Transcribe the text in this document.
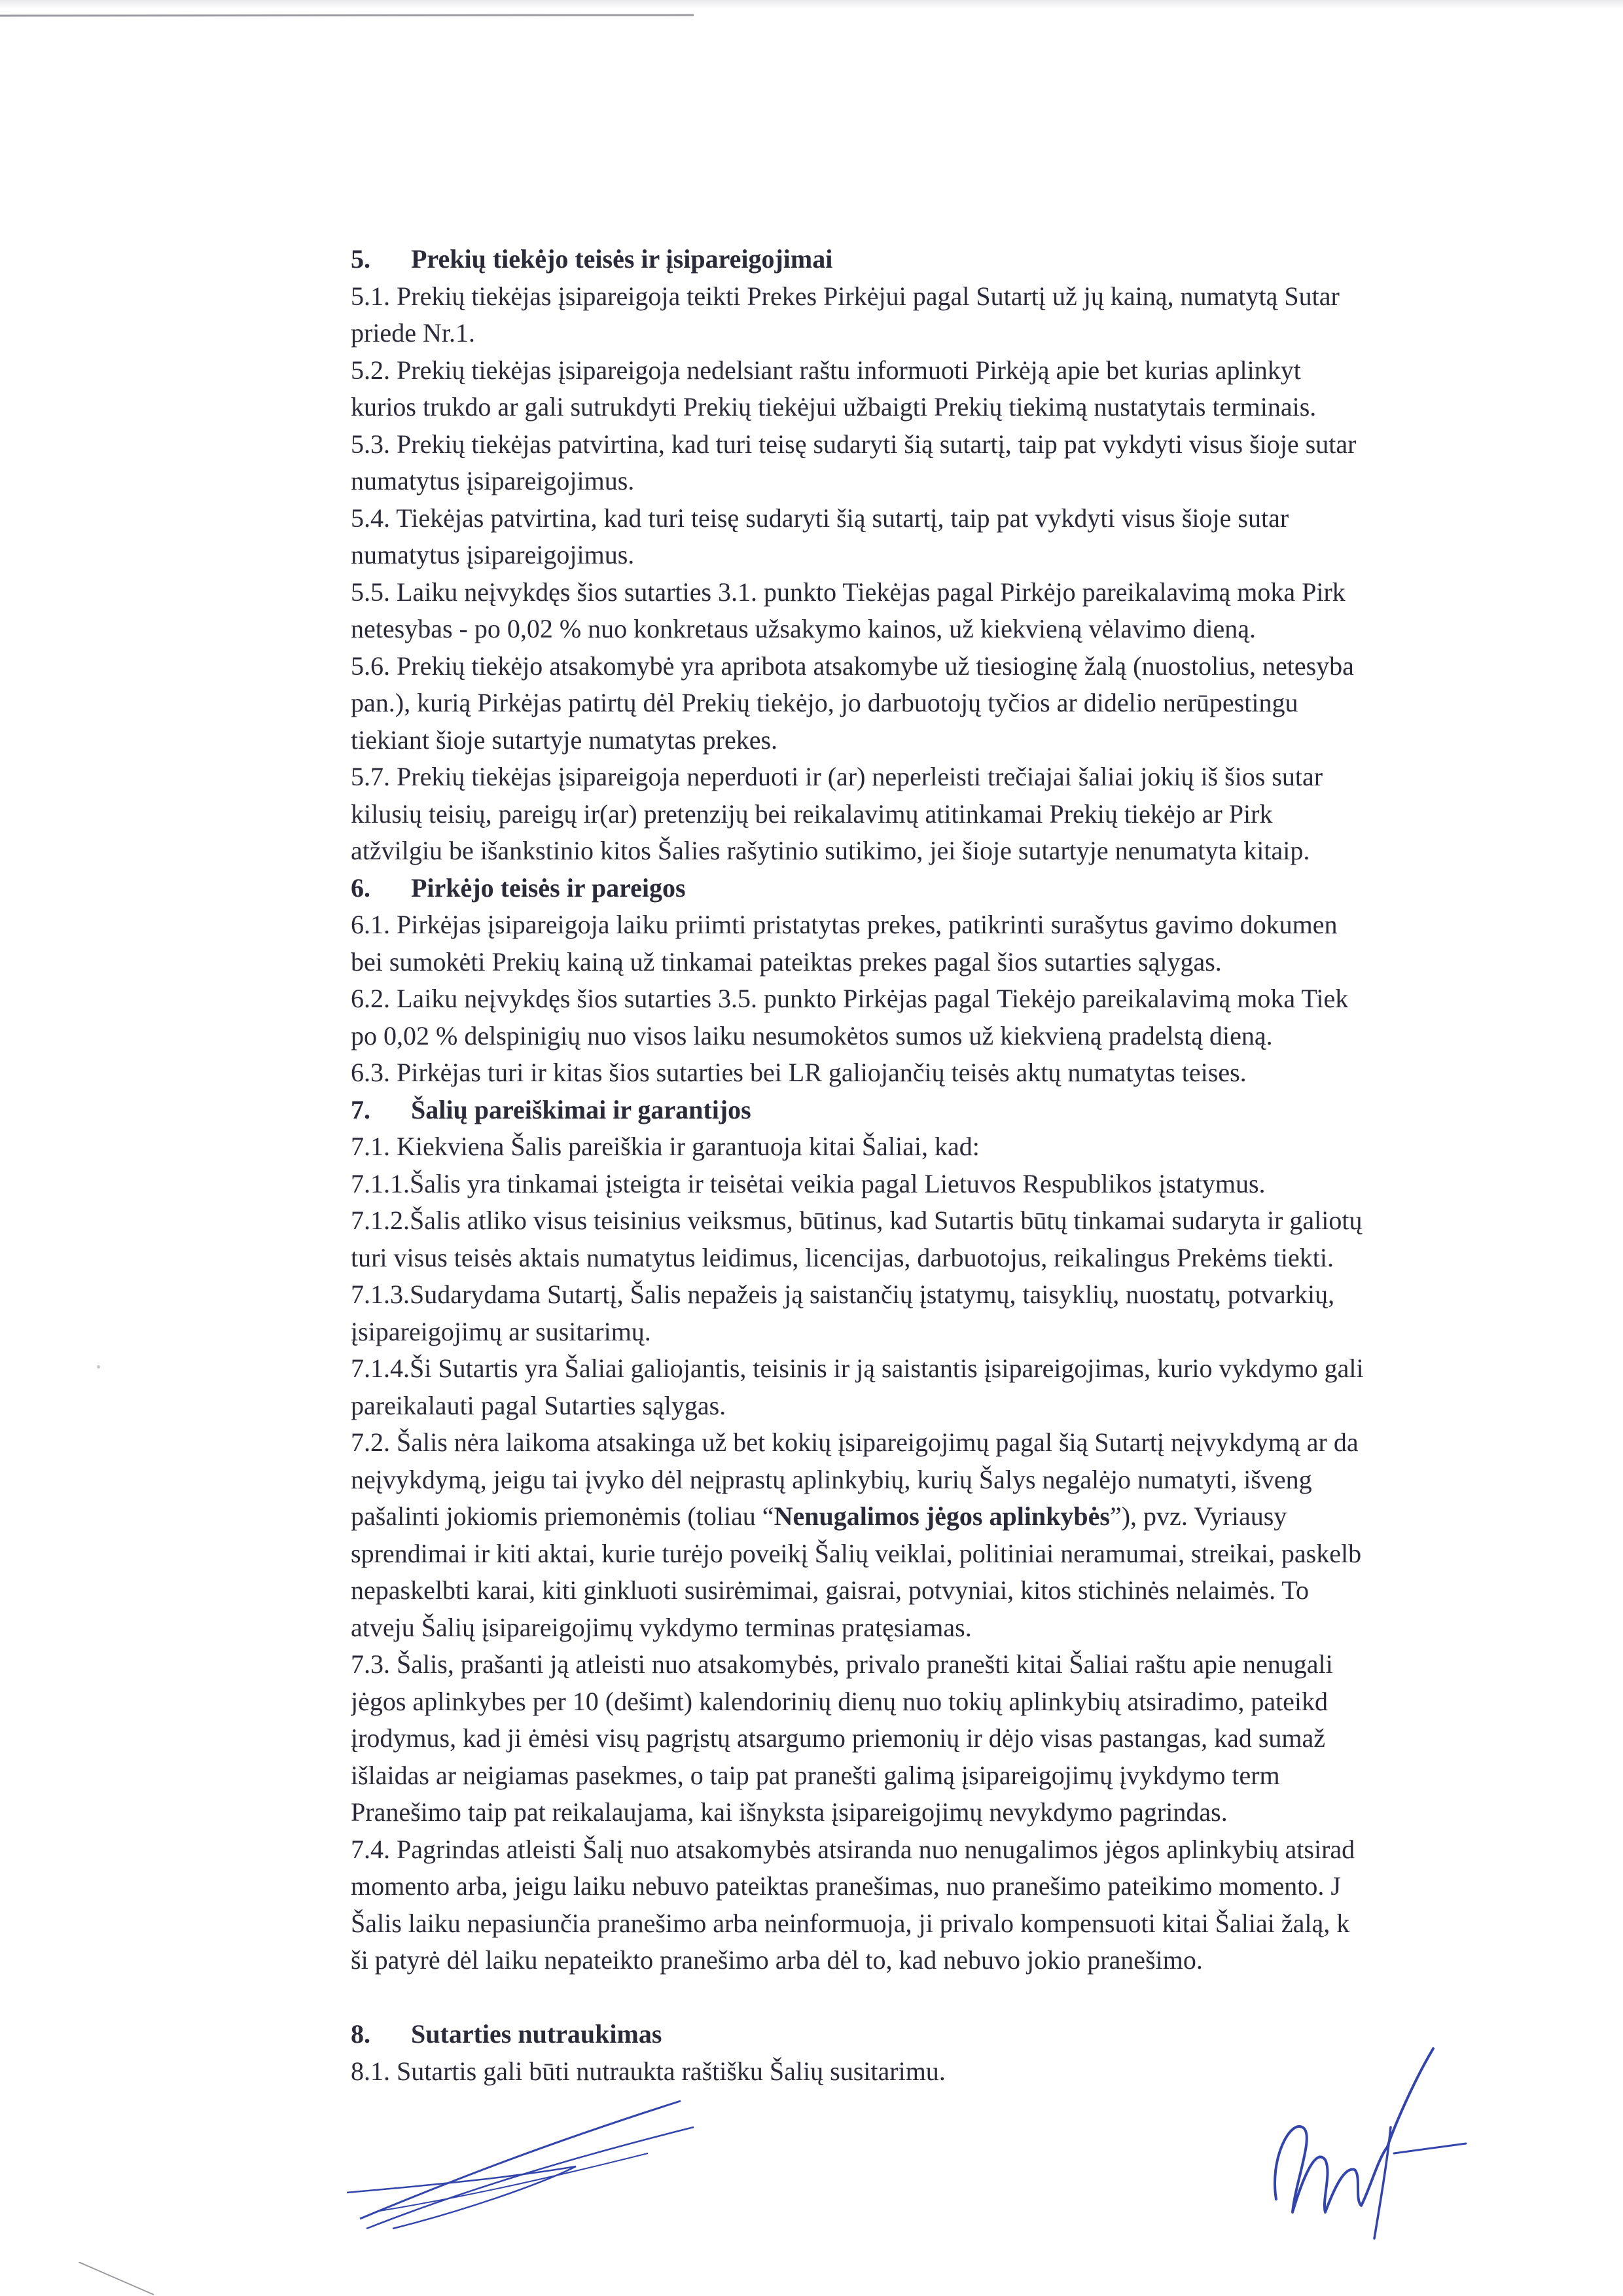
5. Prekių tiekėjo teisės ir įsipareigojimai
5.1. Prekių tiekėjas įsipareigoja teikti Prekes Pirkėjui pagal Sutartį už jų kainą, numatytą Sutar
priede Nr.1.
5.2. Prekių tiekėjas įsipareigoja nedelsiant raštu informuoti Pirkėją apie bet kurias aplinkyt
kurios trukdo ar gali sutrukdyti Prekių tiekėjui užbaigti Prekių tiekimą nustatytais terminais.
5.3. Prekių tiekėjas patvirtina, kad turi teisę sudaryti šią sutartį, taip pat vykdyti visus šioje sutar
numatytus įsipareigojimus.
5.4. Tiekėjas patvirtina, kad turi teisę sudaryti šią sutartį, taip pat vykdyti visus šioje sutar
numatytus įsipareigojimus.
5.5. Laiku neįvykdęs šios sutarties 3.1. punkto Tiekėjas pagal Pirkėjo pareikalavimą moka Pirk
netesybas - po 0,02 % nuo konkretaus užsakymo kainos, už kiekvieną vėlavimo dieną.
5.6. Prekių tiekėjo atsakomybė yra apribota atsakomybe už tiesioginę žalą (nuostolius, netesyba
pan.), kurią Pirkėjas patirtų dėl Prekių tiekėjo, jo darbuotojų tyčios ar didelio nerūpestingu
tiekiant šioje sutartyje numatytas prekes.
5.7. Prekių tiekėjas įsipareigoja neperduoti ir (ar) neperleisti trečiajai šaliai jokių iš šios sutar
kilusių teisių, pareigų ir(ar) pretenzijų bei reikalavimų atitinkamai Prekių tiekėjo ar Pirk
atžvilgiu be išankstinio kitos Šalies rašytinio sutikimo, jei šioje sutartyje nenumatyta kitaip.
6. Pirkėjo teisės ir pareigos
6.1. Pirkėjas įsipareigoja laiku priimti pristatytas prekes, patikrinti surašytus gavimo dokumen
bei sumokėti Prekių kainą už tinkamai pateiktas prekes pagal šios sutarties sąlygas.
6.2. Laiku neįvykdęs šios sutarties 3.5. punkto Pirkėjas pagal Tiekėjo pareikalavimą moka Tiek
po 0,02 % delspinigių nuo visos laiku nesumokėtos sumos už kiekvieną pradelstą dieną.
6.3. Pirkėjas turi ir kitas šios sutarties bei LR galiojančių teisės aktų numatytas teises.
7. Šalių pareiškimai ir garantijos
7.1. Kiekviena Šalis pareiškia ir garantuoja kitai Šaliai, kad:
7.1.1.Šalis yra tinkamai įsteigta ir teisėtai veikia pagal Lietuvos Respublikos įstatymus.
7.1.2.Šalis atliko visus teisinius veiksmus, būtinus, kad Sutartis būtų tinkamai sudaryta ir galiotų
turi visus teisės aktais numatytus leidimus, licencijas, darbuotojus, reikalingus Prekėms tiekti.
7.1.3.Sudarydama Sutartį, Šalis nepažeis ją saistančių įstatymų, taisyklių, nuostatų, potvarkių,
įsipareigojimų ar susitarimų.
7.1.4.Ši Sutartis yra Šaliai galiojantis, teisinis ir ją saistantis įsipareigojimas, kurio vykdymo gali
pareikalauti pagal Sutarties sąlygas.
7.2. Šalis nėra laikoma atsakinga už bet kokių įsipareigojimų pagal šią Sutartį neįvykdymą ar da
neįvykdymą, jeigu tai įvyko dėl neįprastų aplinkybių, kurių Šalys negalėjo numatyti, išveng
pašalinti jokiomis priemonėmis (toliau “Nenugalimos jėgos aplinkybės”), pvz. Vyriausy
sprendimai ir kiti aktai, kurie turėjo poveikį Šalių veiklai, politiniai neramumai, streikai, paskelb
nepaskelbti karai, kiti ginkluoti susirėmimai, gaisrai, potvyniai, kitos stichinės nelaimės. To
atveju Šalių įsipareigojimų vykdymo terminas pratęsiamas.
7.3. Šalis, prašanti ją atleisti nuo atsakomybės, privalo pranešti kitai Šaliai raštu apie nenugali
jėgos aplinkybes per 10 (dešimt) kalendorinių dienų nuo tokių aplinkybių atsiradimo, pateikd
įrodymus, kad ji ėmėsi visų pagrįstų atsargumo priemonių ir dėjo visas pastangas, kad sumaž
išlaidas ar neigiamas pasekmes, o taip pat pranešti galimą įsipareigojimų įvykdymo term
Pranešimo taip pat reikalaujama, kai išnyksta įsipareigojimų nevykdymo pagrindas.
7.4. Pagrindas atleisti Šalį nuo atsakomybės atsiranda nuo nenugalimos jėgos aplinkybių atsirad
momento arba, jeigu laiku nebuvo pateiktas pranešimas, nuo pranešimo pateikimo momento. J
Šalis laiku nepasiunčia pranešimo arba neinformuoja, ji privalo kompensuoti kitai Šaliai žalą, k
ši patyrė dėl laiku nepateikto pranešimo arba dėl to, kad nebuvo jokio pranešimo.
8. Sutarties nutraukimas
8.1. Sutartis gali būti nutraukta raštišku Šalių susitarimu.
